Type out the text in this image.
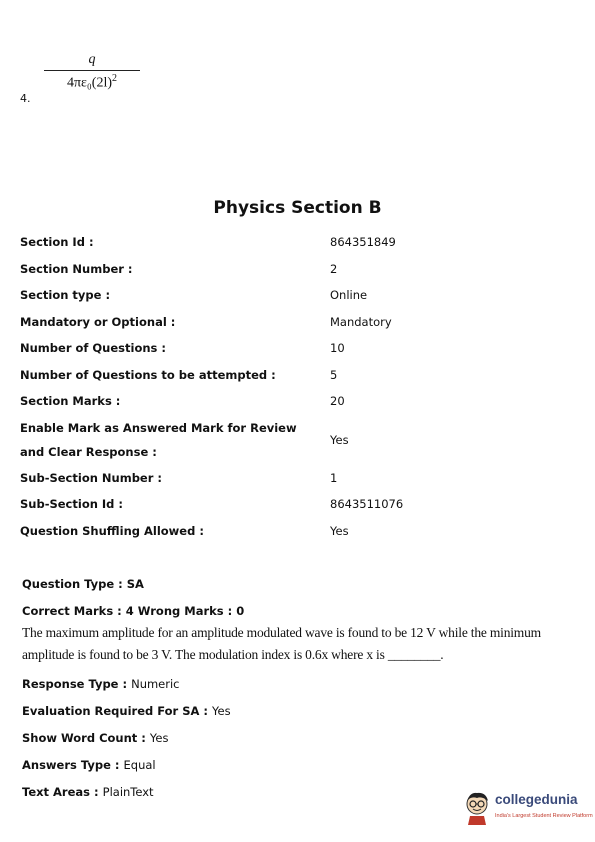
4.
q
$4\pi\varepsilon_0(2l)^2$
Physics Section B
Section Id :	864351849
Section Number :	2
Section type :	Online
Mandatory or Optional :	Mandatory
Number of Questions :	10
Number of Questions to be attempted :	5
Section Marks :	20
Enable Mark as Answered Mark for Review and Clear Response :
Yes
Sub-Section Number :	1
Sub-Section Id :	8643511076
Question Shuffling Allowed :	Yes
Question Type : SA
Correct Marks : 4 Wrong Marks : 0
The maximum amplitude for an amplitude modulated wave is found to be 12 V while the minimum amplitude is found to be 3 V. The modulation index is 0.6x where x is ________.
Response Type : Numeric
Evaluation Required For SA : Yes
Show Word Count : Yes
Answers Type : Equal
Text Areas : PlainText	collegedunia
India's Largest Student Review Platform
